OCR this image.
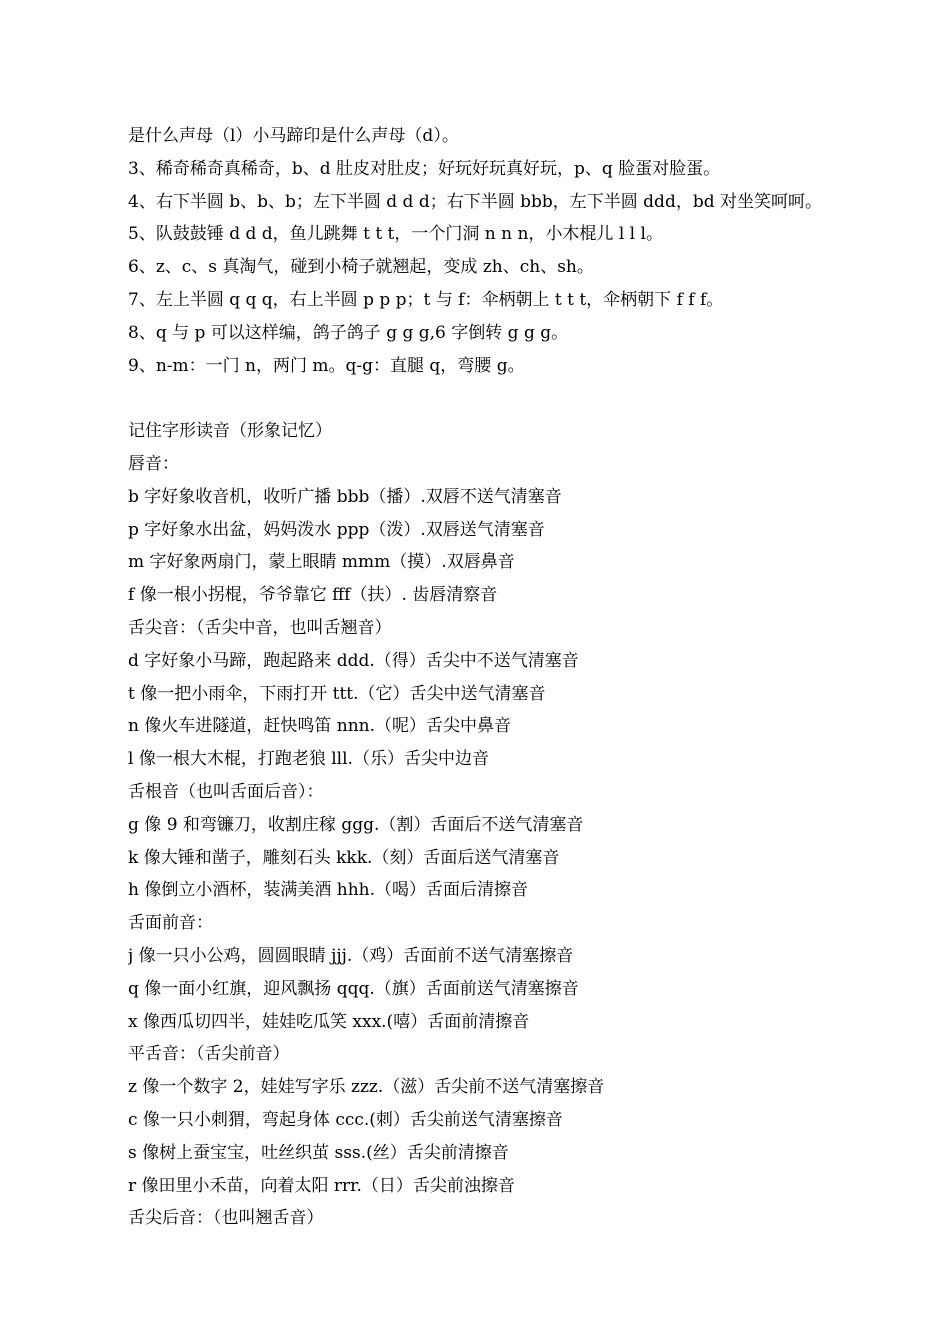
是什么声母（l）小马蹄印是什么声母（d）。
3、稀奇稀奇真稀奇，b、d 肚皮对肚皮；好玩好玩真好玩，p、q 脸蛋对脸蛋。
4、右下半圆 b、b、b；左下半圆 d d d；右下半圆 bbb，左下半圆 ddd，bd 对坐笑呵呵。
5、队鼓鼓锤 d d d，鱼儿跳舞 t t t，一个门洞 n n n，小木棍儿 l l l。
6、z、c、s 真淘气，碰到小椅子就翘起，变成 zh、ch、sh。
7、左上半圆 q q q，右上半圆 p p p；t 与 f：伞柄朝上 t t t，伞柄朝下 f f f。
8、q 与 p 可以这样编，鸽子鸽子 g g g,6 字倒转 g g g。
9、n-m：一门 n，两门 m。q-g：直腿 q，弯腰 g。
记住字形读音（形象记忆）
唇音：
b 字好象收音机，收听广播 bbb（播）.双唇不送气清塞音
p 字好象水出盆，妈妈泼水 ppp（泼）.双唇送气清塞音
m 字好象两扇门，蒙上眼睛 mmm（摸）.双唇鼻音
f 像一根小拐棍，爷爷靠它 fff（扶）. 齿唇清察音
舌尖音：（舌尖中音，也叫舌翘音）
d 字好象小马蹄，跑起路来 ddd.（得）舌尖中不送气清塞音
t 像一把小雨伞，下雨打开 ttt.（它）舌尖中送气清塞音
n 像火车进隧道，赶快鸣笛 nnn.（呢）舌尖中鼻音
l 像一根大木棍，打跑老狼 lll.（乐）舌尖中边音
舌根音（也叫舌面后音）：
g 像 9 和弯镰刀，收割庄稼 ggg.（割）舌面后不送气清塞音
k 像大锤和凿子，雕刻石头 kkk.（刻）舌面后送气清塞音
h 像倒立小酒杯，装满美酒 hhh.（喝）舌面后清擦音
舌面前音：
j 像一只小公鸡，圆圆眼睛 jjj.（鸡）舌面前不送气清塞擦音
q 像一面小红旗，迎风飘扬 qqq.（旗）舌面前送气清塞擦音
x 像西瓜切四半，娃娃吃瓜笑 xxx.(嘻）舌面前清擦音
平舌音：（舌尖前音）
z 像一个数字 2，娃娃写字乐 zzz.（滋）舌尖前不送气清塞擦音
c 像一只小刺猬，弯起身体 ccc.(刺）舌尖前送气清塞擦音
s 像树上蚕宝宝，吐丝织茧 sss.(丝）舌尖前清擦音
r 像田里小禾苗，向着太阳 rrr.（日）舌尖前浊擦音
舌尖后音：（也叫翘舌音）
